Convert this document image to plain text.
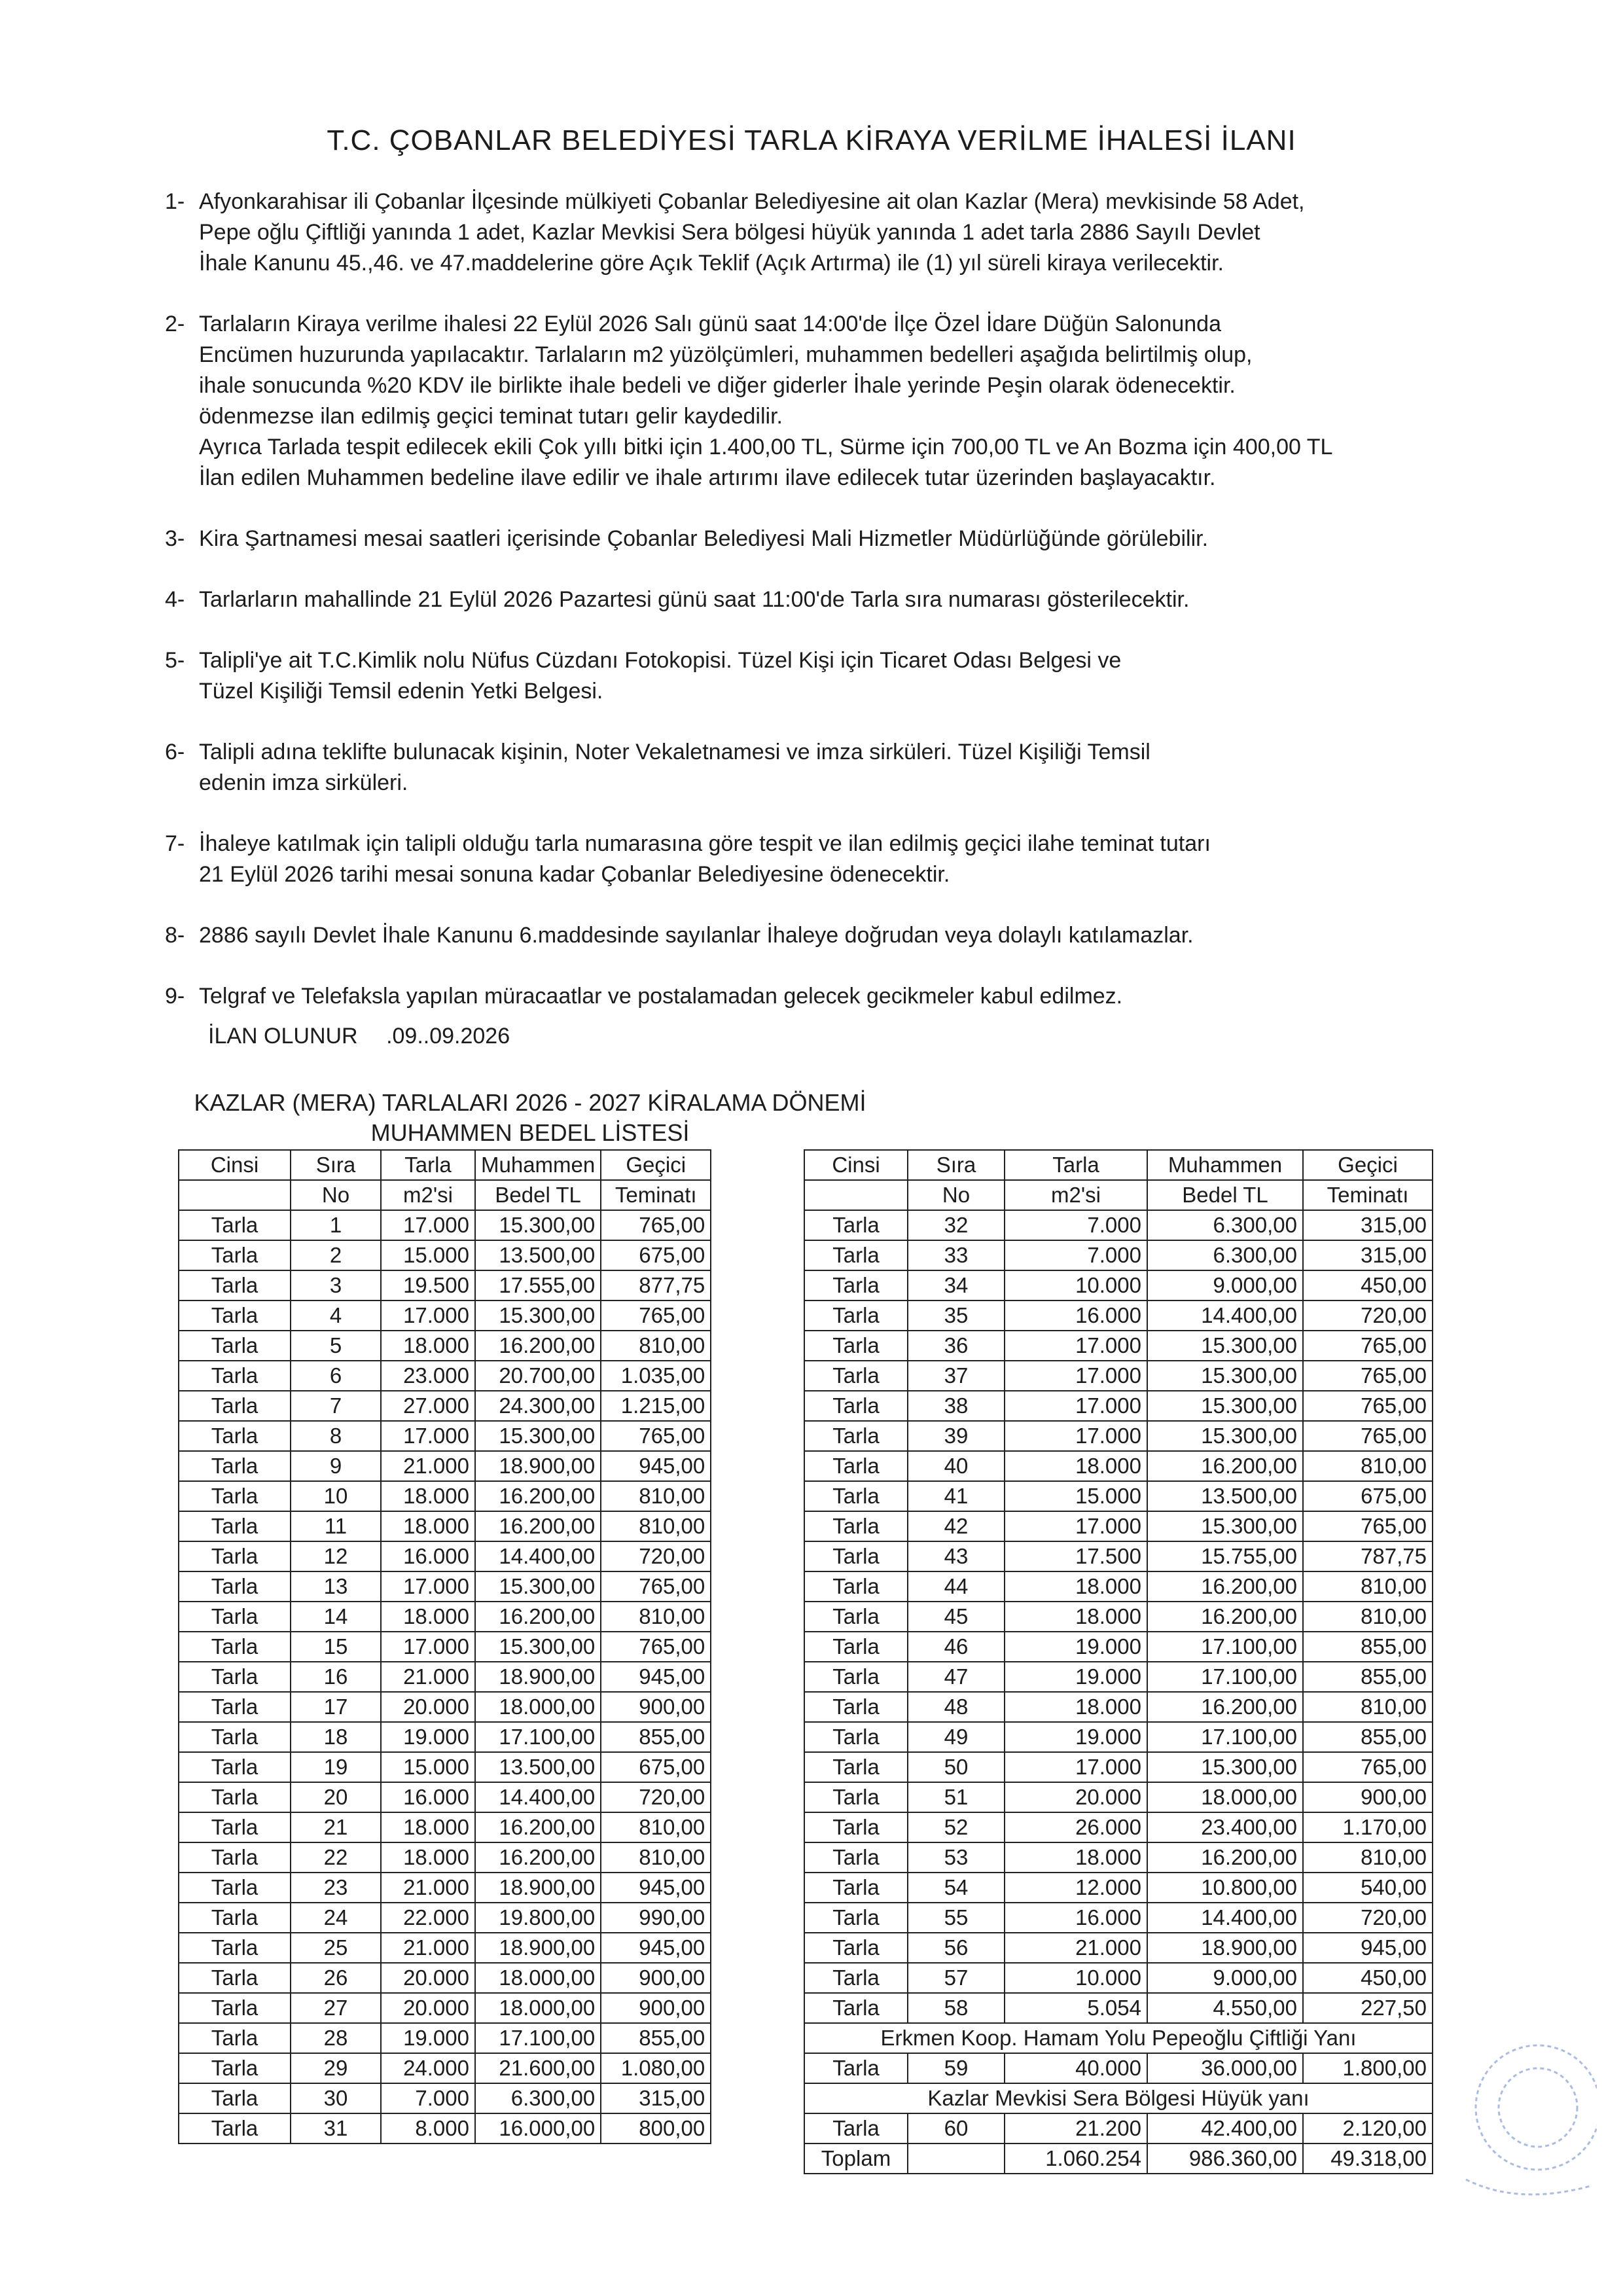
T.C. ÇOBANLAR BELEDİYESİ TARLA KİRAYA VERİLME İHALESİ İLANI
1- Afyonkarahisar ili Çobanlar İlçesinde mülkiyeti Çobanlar Belediyesine ait olan Kazlar (Mera) mevkisinde 58 Adet,
Pepe oğlu Çiftliği yanında 1 adet, Kazlar Mevkisi Sera bölgesi hüyük yanında 1 adet tarla 2886 Sayılı Devlet
İhale Kanunu 45.,46. ve 47.maddelerine göre Açık Teklif (Açık Artırma) ile (1) yıl süreli kiraya verilecektir.
2- Tarlaların Kiraya verilme ihalesi 22 Eylül 2026 Salı günü saat 14:00'de İlçe Özel İdare Düğün Salonunda
Encümen huzurunda yapılacaktır. Tarlaların m2 yüzölçümleri, muhammen bedelleri aşağıda belirtilmiş olup,
ihale sonucunda %20 KDV ile birlikte ihale bedeli ve diğer giderler İhale yerinde Peşin olarak ödenecektir.
ödenmezse ilan edilmiş geçici teminat tutarı gelir kaydedilir.
Ayrıca Tarlada tespit edilecek ekili Çok yıllı bitki için 1.400,00 TL, Sürme için 700,00 TL ve An Bozma için 400,00 TL
İlan edilen Muhammen bedeline ilave edilir ve ihale artırımı ilave edilecek tutar üzerinden başlayacaktır.
3- Kira Şartnamesi mesai saatleri içerisinde Çobanlar Belediyesi Mali Hizmetler Müdürlüğünde görülebilir.
4- Tarlarların mahallinde 21 Eylül 2026 Pazartesi günü saat 11:00'de Tarla sıra numarası gösterilecektir.
5- Talipli'ye ait T.C.Kimlik nolu Nüfus Cüzdanı Fotokopisi. Tüzel Kişi için Ticaret Odası Belgesi ve
Tüzel Kişiliği Temsil edenin Yetki Belgesi.
6- Talipli adına teklifte bulunacak kişinin, Noter Vekaletnamesi ve imza sirküleri. Tüzel Kişiliği Temsil
edenin imza sirküleri.
7- İhaleye katılmak için talipli olduğu tarla numarasına göre tespit ve ilan edilmiş geçici ilahe teminat tutarı
21 Eylül 2026 tarihi mesai sonuna kadar Çobanlar Belediyesine ödenecektir.
8- 2886 sayılı Devlet İhale Kanunu 6.maddesinde sayılanlar İhaleye doğrudan veya dolaylı katılamazlar.
9- Telgraf ve Telefaksla yapılan müracaatlar ve postalamadan gelecek gecikmeler kabul edilmez.
İLAN OLUNUR .09..09.2026
KAZLAR (MERA) TARLALARI 2026 - 2027 KİRALAMA DÖNEMİ
MUHAMMEN BEDEL LİSTESİ
Cinsi	Sıra	Tarla	Muhammen	Geçici
	No	m2'si	Bedel TL	Teminatı
Tarla	1	17.000	15.300,00	765,00
Tarla	2	15.000	13.500,00	675,00
Tarla	3	19.500	17.555,00	877,75
Tarla	4	17.000	15.300,00	765,00
Tarla	5	18.000	16.200,00	810,00
Tarla	6	23.000	20.700,00	1.035,00
Tarla	7	27.000	24.300,00	1.215,00
Tarla	8	17.000	15.300,00	765,00
Tarla	9	21.000	18.900,00	945,00
Tarla	10	18.000	16.200,00	810,00
Tarla	11	18.000	16.200,00	810,00
Tarla	12	16.000	14.400,00	720,00
Tarla	13	17.000	15.300,00	765,00
Tarla	14	18.000	16.200,00	810,00
Tarla	15	17.000	15.300,00	765,00
Tarla	16	21.000	18.900,00	945,00
Tarla	17	20.000	18.000,00	900,00
Tarla	18	19.000	17.100,00	855,00
Tarla	19	15.000	13.500,00	675,00
Tarla	20	16.000	14.400,00	720,00
Tarla	21	18.000	16.200,00	810,00
Tarla	22	18.000	16.200,00	810,00
Tarla	23	21.000	18.900,00	945,00
Tarla	24	22.000	19.800,00	990,00
Tarla	25	21.000	18.900,00	945,00
Tarla	26	20.000	18.000,00	900,00
Tarla	27	20.000	18.000,00	900,00
Tarla	28	19.000	17.100,00	855,00
Tarla	29	24.000	21.600,00	1.080,00
Tarla	30	7.000	6.300,00	315,00
Tarla	31	8.000	16.000,00	800,00
Cinsi	Sıra	Tarla	Muhammen	Geçici
	No	m2'si	Bedel TL	Teminatı
Tarla	32	7.000	6.300,00	315,00
Tarla	33	7.000	6.300,00	315,00
Tarla	34	10.000	9.000,00	450,00
Tarla	35	16.000	14.400,00	720,00
Tarla	36	17.000	15.300,00	765,00
Tarla	37	17.000	15.300,00	765,00
Tarla	38	17.000	15.300,00	765,00
Tarla	39	17.000	15.300,00	765,00
Tarla	40	18.000	16.200,00	810,00
Tarla	41	15.000	13.500,00	675,00
Tarla	42	17.000	15.300,00	765,00
Tarla	43	17.500	15.755,00	787,75
Tarla	44	18.000	16.200,00	810,00
Tarla	45	18.000	16.200,00	810,00
Tarla	46	19.000	17.100,00	855,00
Tarla	47	19.000	17.100,00	855,00
Tarla	48	18.000	16.200,00	810,00
Tarla	49	19.000	17.100,00	855,00
Tarla	50	17.000	15.300,00	765,00
Tarla	51	20.000	18.000,00	900,00
Tarla	52	26.000	23.400,00	1.170,00
Tarla	53	18.000	16.200,00	810,00
Tarla	54	12.000	10.800,00	540,00
Tarla	55	16.000	14.400,00	720,00
Tarla	56	21.000	18.900,00	945,00
Tarla	57	10.000	9.000,00	450,00
Tarla	58	5.054	4.550,00	227,50
Erkmen Koop. Hamam Yolu Pepeoğlu Çiftliği Yanı				
Tarla	59	40.000	36.000,00	1.800,00
Kazlar Mevkisi Sera Bölgesi Hüyük yanı				
Tarla	60	21.200	42.400,00	2.120,00
Toplam		1.060.254	986.360,00	49.318,00
